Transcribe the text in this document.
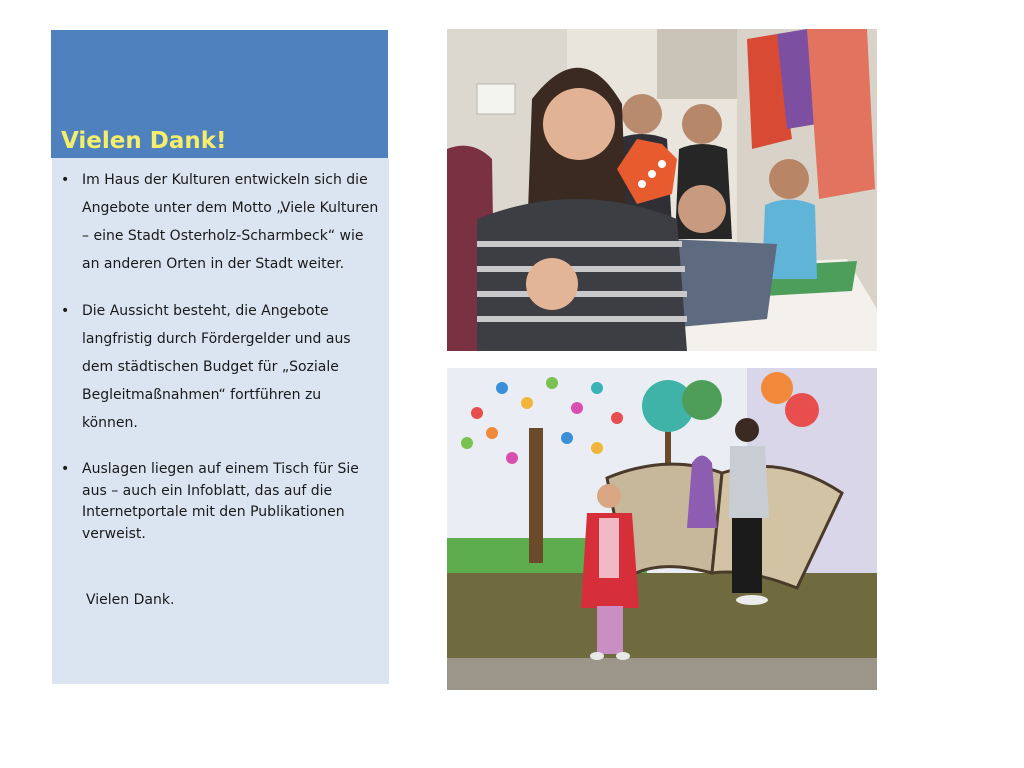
Vielen Dank!
• Im Haus der Kulturen entwickeln sich die Angebote unter dem Motto „Viele Kulturen – eine Stadt Osterholz-Scharmbeck“ wie an anderen Orten in der Stadt weiter.
• Die Aussicht besteht, die Angebote langfristig durch Fördergelder und aus dem städtischen Budget für „Soziale Begleitmaßnahmen“ fortführen zu können.
• Auslagen liegen auf einem Tisch für Sie aus – auch ein Infoblatt, das auf die Internetportale mit den Publikationen verweist.

Vielen Dank.
